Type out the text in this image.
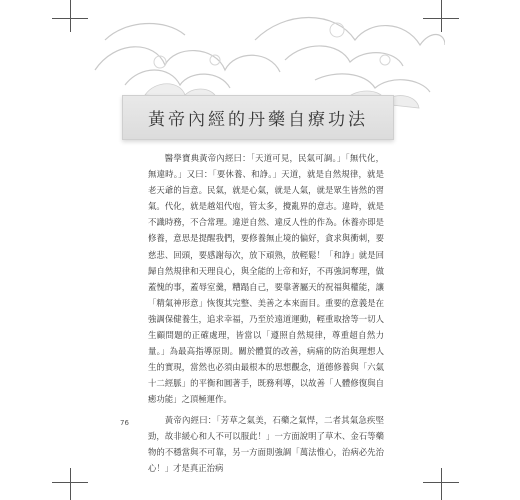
黃帝內經的丹藥自療功法

醫學寶典黃帝內經曰：「天道可見，民氣可調。」「無代化，無違時。」又曰：「要休養、和諍。」天道，就是自然規律，就是老天爺的旨意。民氣，就是心氣，就是人氣，就是眾生皆然的習氣。代化，就是越俎代庖，管太多，攪亂界的意志。違時，就是不識時務，不合常理。違逆自然、違反人性的作為。休養亦即是修養，意思是提醒我們，要修養無止境的偏好，貪求與衝刺，要慈悲、回頭，要感謝每次，放下頑熟，放輕鬆！「和諍」就是回歸自然規律和天理良心，與全能的上帝和好，不再強詞奪理，做蓋愧的事，蓋辱室羹，糟蹋自己，要靠著屬天的祝福與權能，讓「精氣神形意」恢復其完整、美善之本來面目。重要的意義是在強調保健養生，追求幸福，乃至於遠道運動，輕重取捨等一切人生顧問題的正確處理，皆當以「遵照自然規律，尊重超自然力量。」為最高指導原則。關於體質的改善，病痛的防治與理想人生的實現，當然也必須由最根本的思想觀念，道德修養與「六氣十二經脈」的平衡和圓著手，既務利導，以故善「人體修復與自癒功能」之頂極運作。

黃帝內經曰：「芳草之氣美，石藥之氣悍，二者其氣急疾堅勁，故非緩心和人不可以服此！」一方面說明了草木、金石等藥物的不穩當與不可靠，另一方面則強調「萬法惟心，治病必先治心！」才是真正治病

76
